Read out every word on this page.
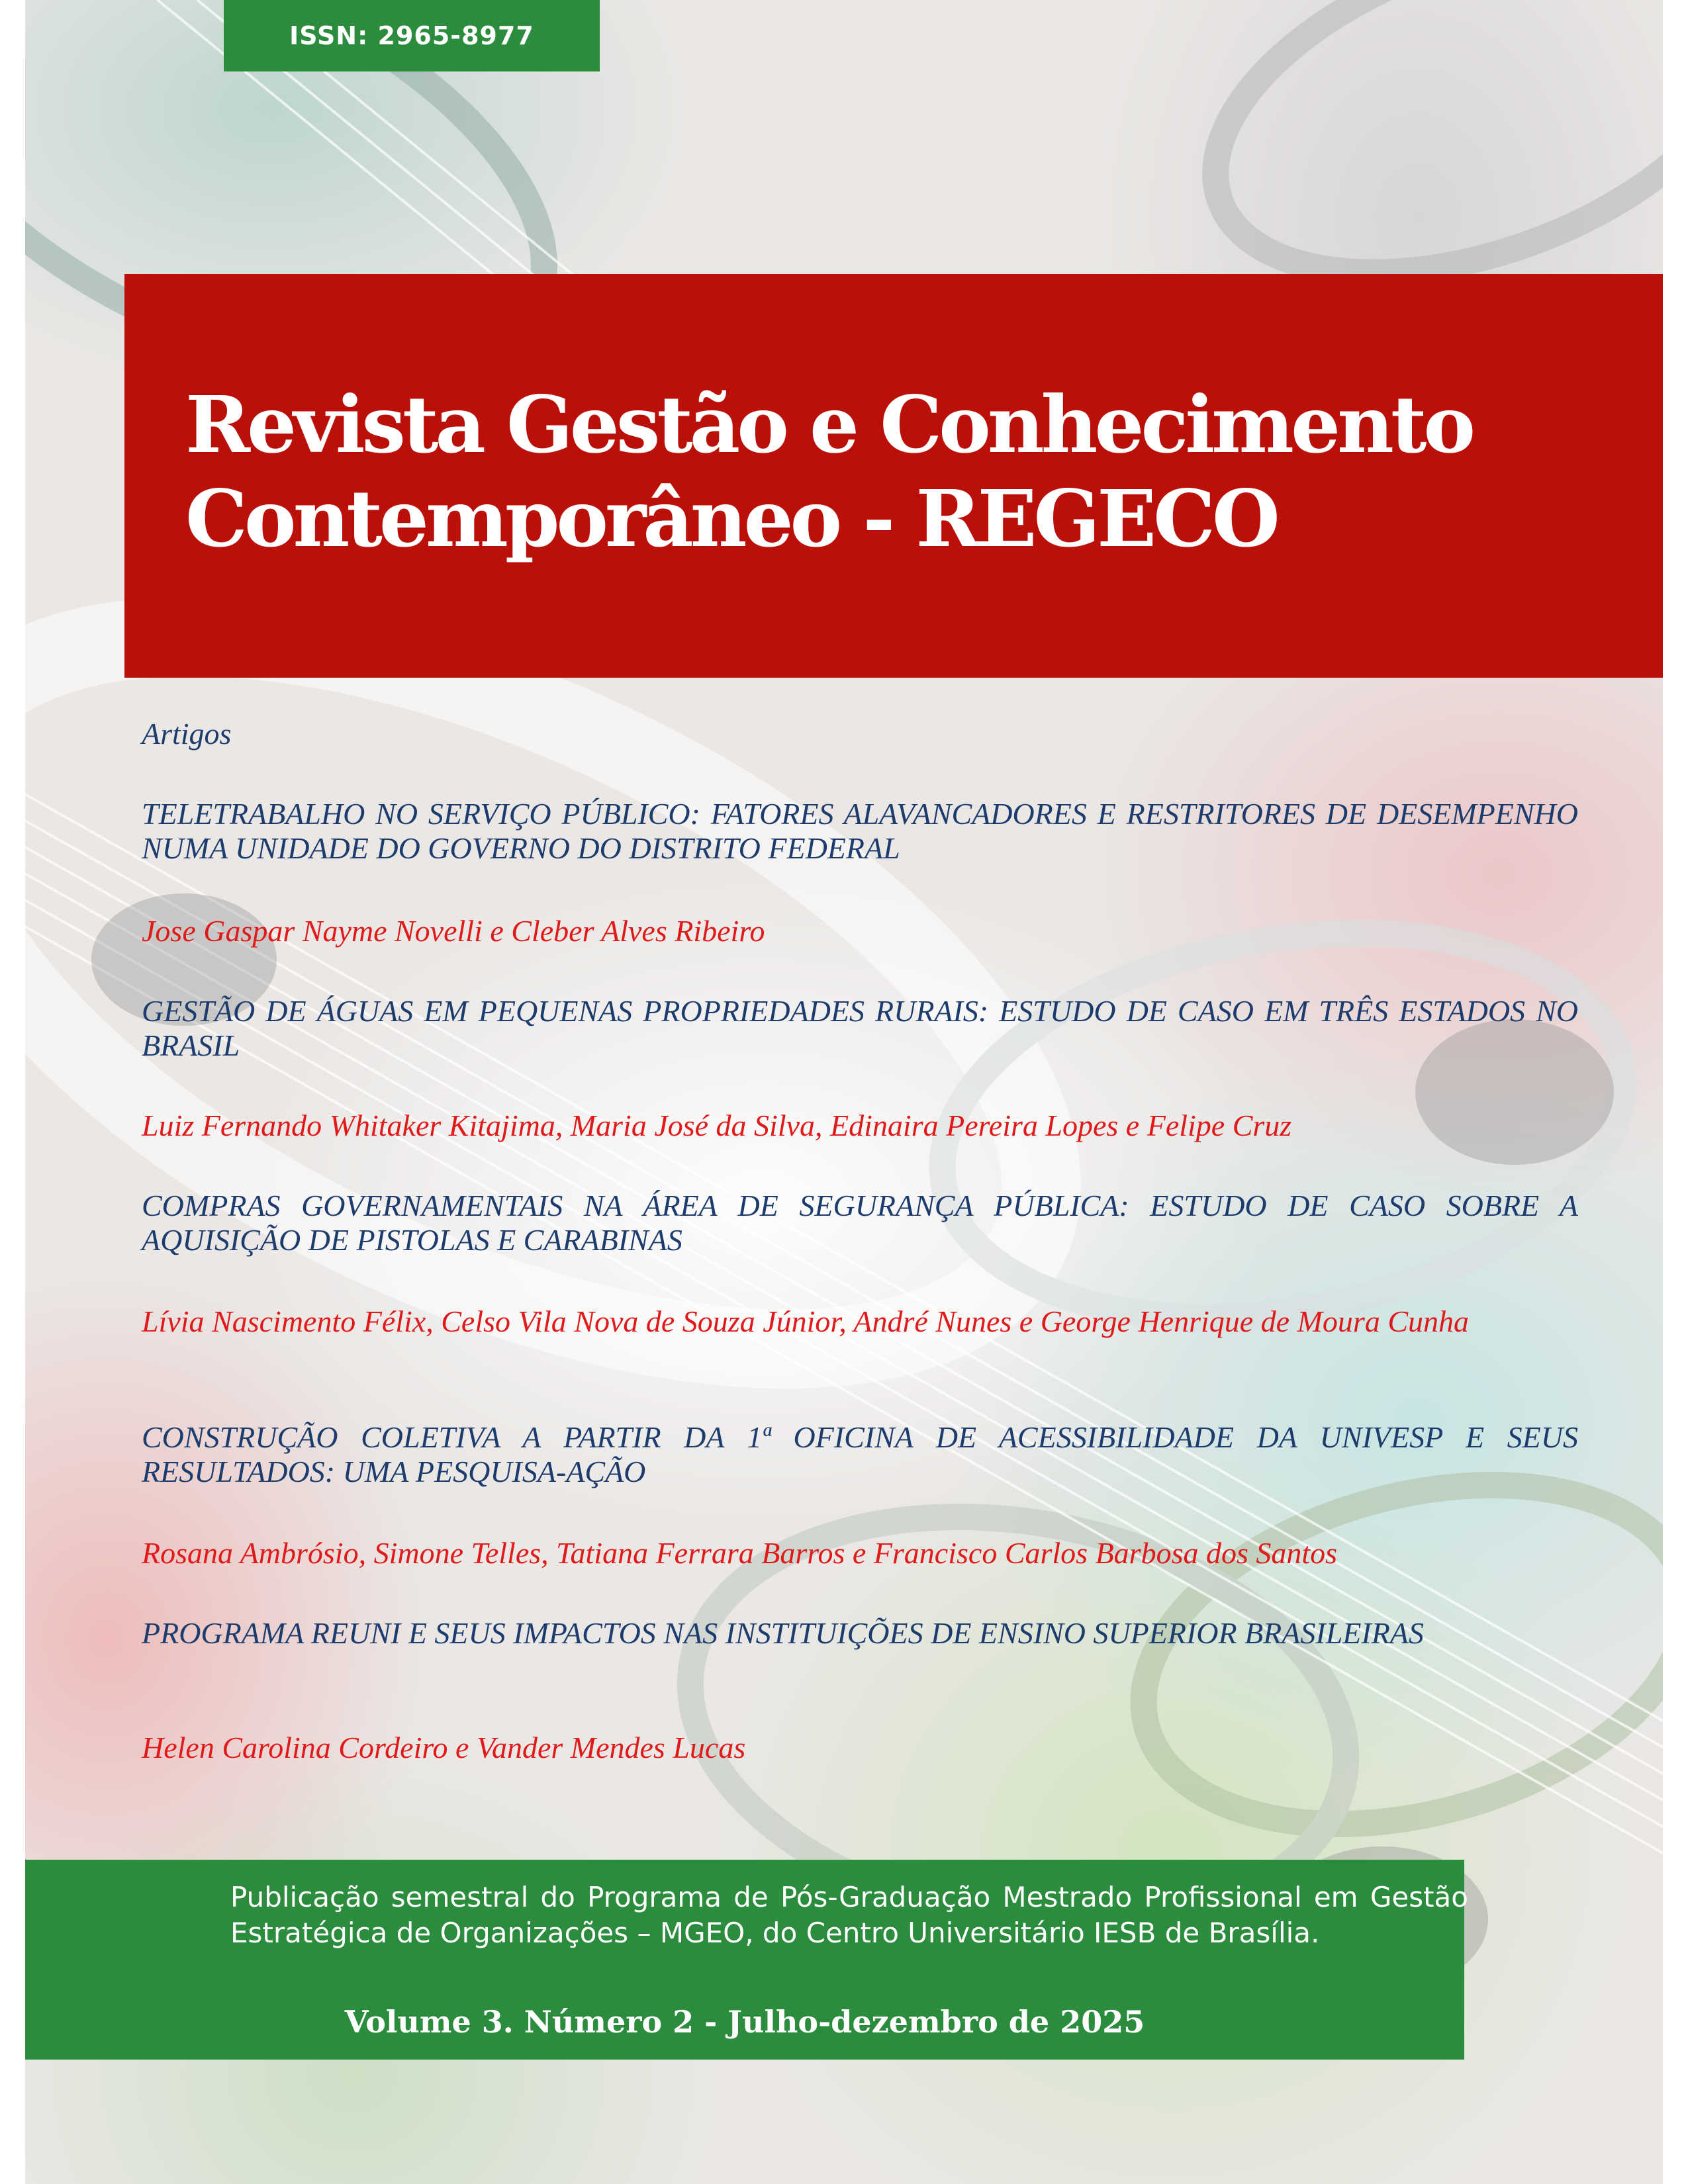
ISSN: 2965-8977
Revista Gestão e Conhecimento
Contemporâneo - REGECO
Artigos
TELETRABALHO NO SERVIÇO PÚBLICO: FATORES ALAVANCADORES E RESTRITORES DE DESEMPENHO NUMA UNIDADE DO GOVERNO DO DISTRITO FEDERAL
Jose Gaspar Nayme Novelli e Cleber Alves Ribeiro
GESTÃO DE ÁGUAS EM PEQUENAS PROPRIEDADES RURAIS: ESTUDO DE CASO EM TRÊS ESTADOS NO BRASIL
Luiz Fernando Whitaker Kitajima, Maria José da Silva, Edinaira Pereira Lopes e Felipe Cruz
COMPRAS GOVERNAMENTAIS NA ÁREA DE SEGURANÇA PÚBLICA: ESTUDO DE CASO SOBRE A AQUISIÇÃO DE PISTOLAS E CARABINAS
Lívia Nascimento Félix, Celso Vila Nova de Souza Júnior, André Nunes e George Henrique de Moura Cunha
CONSTRUÇÃO COLETIVA A PARTIR DA 1ª OFICINA DE ACESSIBILIDADE DA UNIVESP E SEUS RESULTADOS: UMA PESQUISA-AÇÃO
Rosana Ambrósio, Simone Telles, Tatiana Ferrara Barros e Francisco Carlos Barbosa dos Santos
PROGRAMA REUNI E SEUS IMPACTOS NAS INSTITUIÇÕES DE ENSINO SUPERIOR BRASILEIRAS
Helen Carolina Cordeiro e Vander Mendes Lucas
Publicação semestral do Programa de Pós-Graduação Mestrado Profissional em Gestão Estratégica de Organizações – MGEO, do Centro Universitário IESB de Brasília.
Volume 3. Número 2 - Julho-dezembro de 2025
